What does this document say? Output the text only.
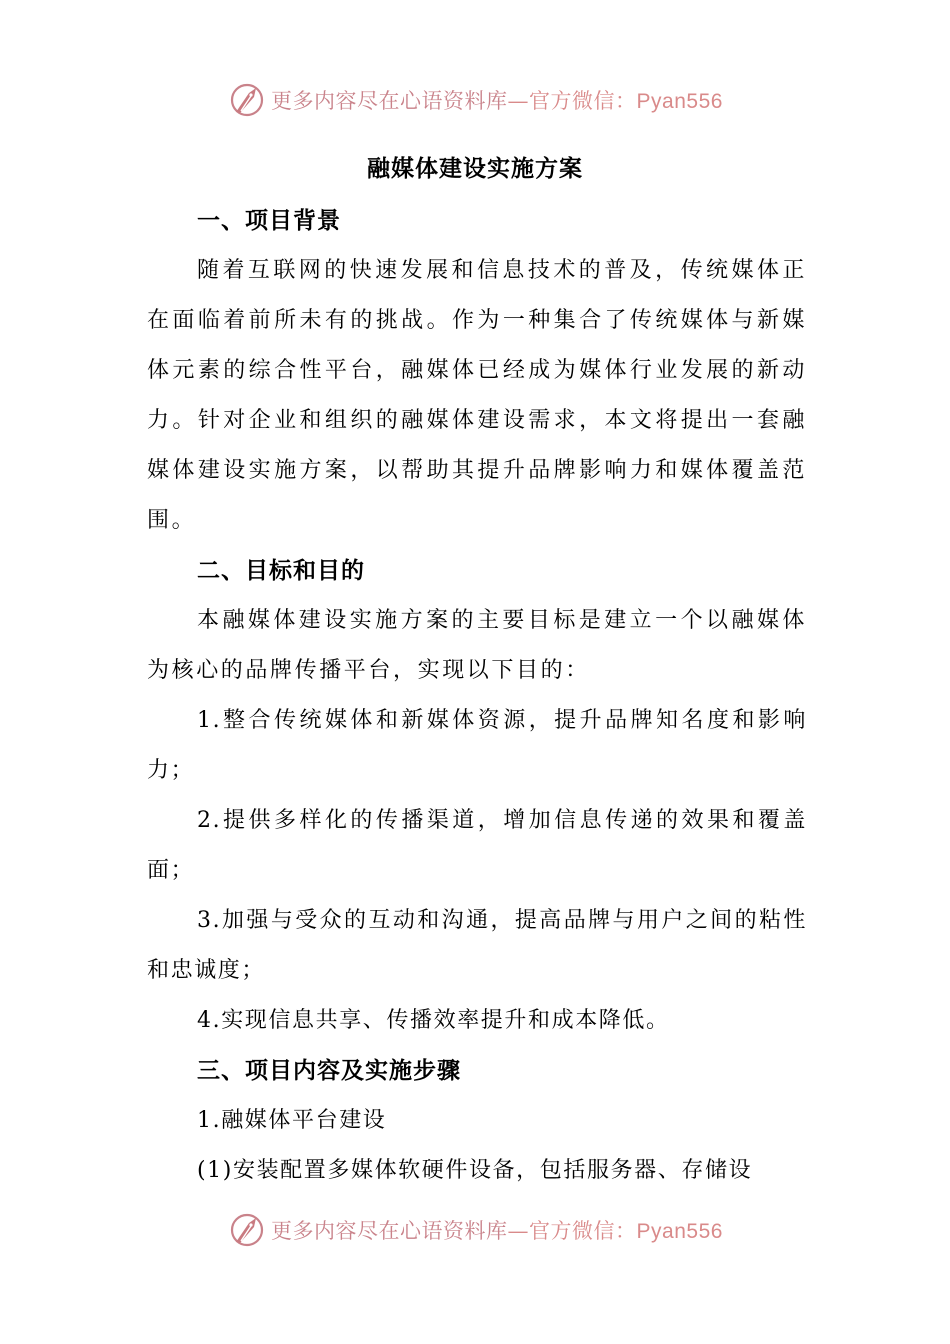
更多内容尽在心语资料库—官方微信：Pyan556
融媒体建设实施方案

一、项目背景

随着互联网的快速发展和信息技术的普及，传统媒体正在面临着前所未有的挑战。作为一种集合了传统媒体与新媒体元素的综合性平台，融媒体已经成为媒体行业发展的新动力。针对企业和组织的融媒体建设需求，本文将提出一套融媒体建设实施方案，以帮助其提升品牌影响力和媒体覆盖范围。

二、目标和目的

本融媒体建设实施方案的主要目标是建立一个以融媒体为核心的品牌传播平台，实现以下目的：

1.整合传统媒体和新媒体资源，提升品牌知名度和影响力；

2.提供多样化的传播渠道，增加信息传递的效果和覆盖面；

3.加强与受众的互动和沟通，提高品牌与用户之间的粘性和忠诚度；

4.实现信息共享、传播效率提升和成本降低。

三、项目内容及实施步骤

1.融媒体平台建设

(1)安装配置多媒体软硬件设备，包括服务器、存储设

更多内容尽在心语资料库—官方微信：Pyan556
